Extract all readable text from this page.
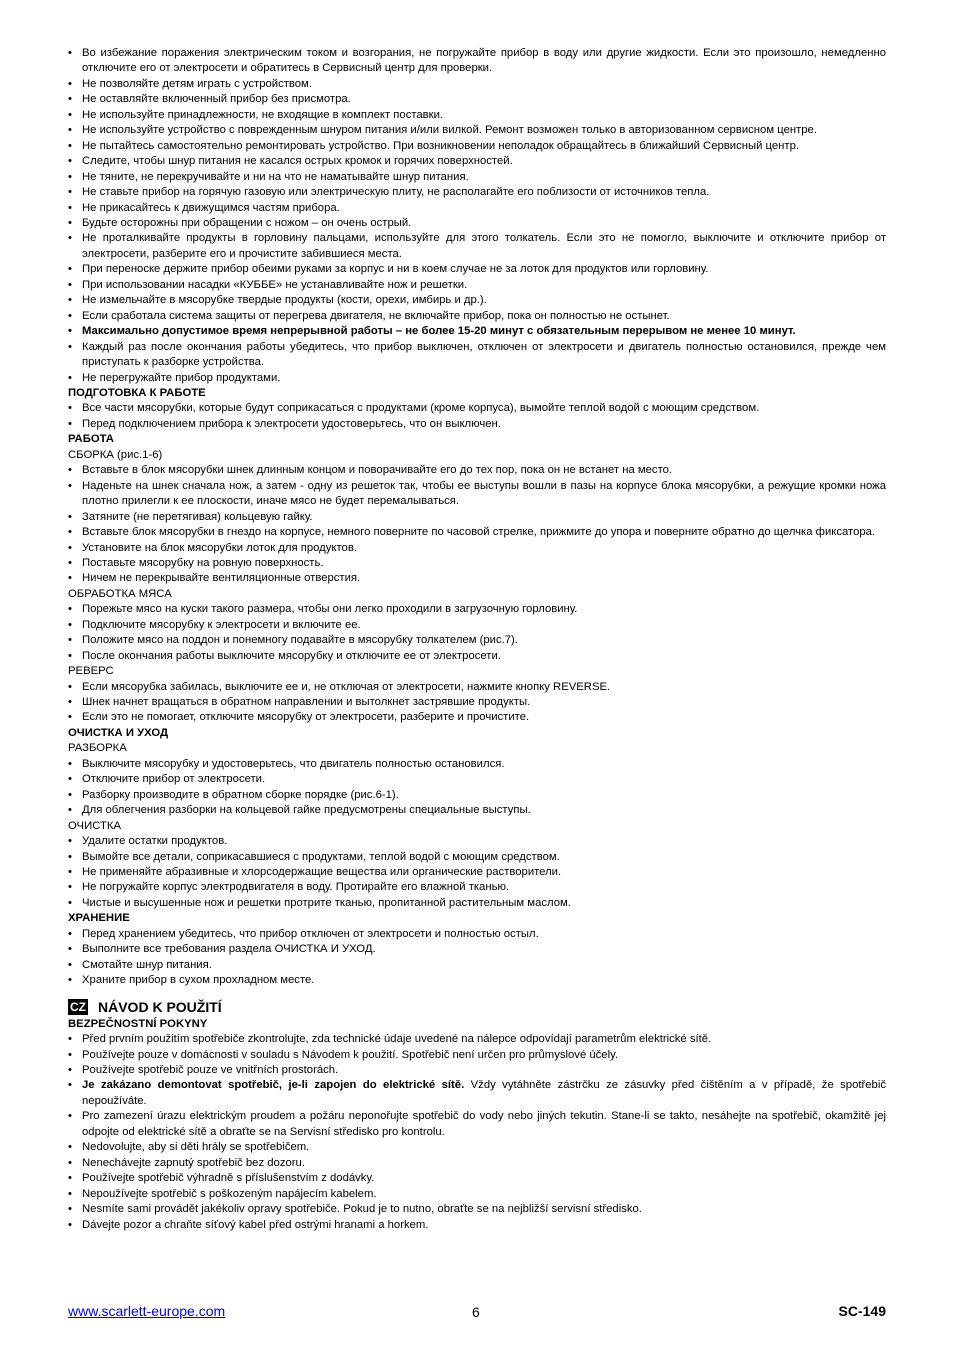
• Во избежание поражения электрическим током и возгорания, не погружайте прибор в воду или другие жидкости. Если это произошло, немедленно отключите его от электросети и обратитесь в Сервисный центр для проверки.
• Не позволяйте детям играть с устройством.
• Не оставляйте включенный прибор без присмотра.
• Не используйте принадлежности, не входящие в комплект поставки.
• Не используйте устройство с поврежденным шнуром питания и/или вилкой. Ремонт возможен только в авторизованном сервисном центре.
• Не пытайтесь самостоятельно ремонтировать устройство. При возникновении неполадок обращайтесь в ближайший Сервисный центр.
• Следите, чтобы шнур питания не касался острых кромок и горячих поверхностей.
• Не тяните, не перекручивайте и ни на что не наматывайте шнур питания.
• Не ставьте прибор на горячую газовую или электрическую плиту, не располагайте его поблизости от источников тепла.
• Не прикасайтесь к движущимся частям прибора.
• Будьте осторожны при обращении с ножом – он очень острый.
• Не проталкивайте продукты в горловину пальцами, используйте для этого толкатель. Если это не помогло, выключите и отключите прибор от электросети, разберите его и прочистите забившиеся места.
• При переноске держите прибор обеими руками за корпус и ни в коем случае не за лоток для продуктов или горловину.
• При использовании насадки «КУББЕ» не устанавливайте нож и решетки.
• Не измельчайте в мясорубке твердые продукты (кости, орехи, имбирь и др.).
• Если сработала система защиты от перегрева двигателя, не включайте прибор, пока он полностью не остынет.
• Максимально допустимое время непрерывной работы – не более 15-20 минут с обязательным перерывом не менее 10 минут.
• Каждый раз после окончания работы убедитесь, что прибор выключен, отключен от электросети и двигатель полностью остановился, прежде чем приступать к разборке устройства.
• Не перегружайте прибор продуктами.
ПОДГОТОВКА К РАБОТЕ
• Все части мясорубки, которые будут соприкасаться с продуктами (кроме корпуса), вымойте теплой водой с моющим средством.
• Перед подключением прибора к электросети удостоверьтесь, что он выключен.
РАБОТА
СБОРКА (рис.1-6)
• Вставьте в блок мясорубки шнек длинным концом и поворачивайте его до тех пор, пока он не встанет на место.
• Наденьте на шнек сначала нож, а затем - одну из решеток так, чтобы ее выступы вошли в пазы на корпусе блока мясорубки, а режущие кромки ножа плотно прилегли к ее плоскости, иначе мясо не будет перемалываться.
• Затяните (не перетягивая) кольцевую гайку.
• Вставьте блок мясорубки в гнездо на корпусе, немного поверните по часовой стрелке, прижмите до упора и поверните обратно до щелчка фиксатора.
• Установите на блок мясорубки лоток для продуктов.
• Поставьте мясорубку на ровную поверхность.
• Ничем не перекрывайте вентиляционные отверстия.
ОБРАБОТКА МЯСА
• Порежьте мясо на куски такого размера, чтобы они легко проходили в загрузочную горловину.
• Подключите мясорубку к электросети и включите ее.
• Положите мясо на поддон и понемногу подавайте в мясорубку толкателем (рис.7).
• После окончания работы выключите мясорубку и отключите ее от электросети.
РЕВЕРС
• Если мясорубка забилась, выключите ее и, не отключая от электросети, нажмите кнопку REVERSE.
• Шнек начнет вращаться в обратном направлении и вытолкнет застрявшие продукты.
• Если это не помогает, отключите мясорубку от электросети, разберите и прочистите.
ОЧИСТКА И УХОД
РАЗБОРКА
• Выключите мясорубку и удостоверьтесь, что двигатель полностью остановился.
• Отключите прибор от электросети.
• Разборку производите в обратном сборке порядке (рис.6-1).
• Для облегчения разборки на кольцевой гайке предусмотрены специальные выступы.
ОЧИСТКА
• Удалите остатки продуктов.
• Вымойте все детали, соприкасавшиеся с продуктами, теплой водой с моющим средством.
• Не применяйте абразивные и хлорсодержащие вещества или органические растворители.
• Не погружайте корпус электродвигателя в воду. Протирайте его влажной тканью.
• Чистые и высушенные нож и решетки протрите тканью, пропитанной растительным маслом.
ХРАНЕНИЕ
• Перед хранением убедитесь, что прибор отключен от электросети и полностью остыл.
• Выполните все требования раздела ОЧИСТКА И УХОД.
• Смотайте шнур питания.
• Храните прибор в сухом прохладном месте.
CZ NÁVOD K POUŽITÍ
BEZPEČNOSTNÍ POKYNY
• Před prvním použitím spotřebiče zkontrolujte, zda technické údaje uvedené na nálepce odpovídají parametrům elektrické sítě.
• Používejte pouze v domácnosti v souladu s Návodem k použití. Spotřebič není určen pro průmyslové účely.
• Používejte spotřebič pouze ve vnitřních prostorách.
• Je zakázano demontovat spotřebič, je-li zapojen do elektrické sítě. Vždy vytáhněte zástrčku ze zásuvky před čištěním a v případě, že spotřebič nepoužíváte.
• Pro zamezení úrazu elektrickým proudem a požáru neponořujte spotřebič do vody nebo jiných tekutin. Stane-li se takto, nesáhejte na spotřebič, okamžitě jej odpojte od elektrické sítě a obraťte se na Servisní středisko pro kontrolu.
• Nedovolujte, aby si děti hrály se spotřebičem.
• Nenechávejte zapnutý spotřebič bez dozoru.
• Používejte spotřebič výhradně s příslušenstvím z dodávky.
• Nepoužívejte spotřebič s poškozeným napájecím kabelem.
• Nesmíte sami provádět jakékoliv opravy spotřebiče. Pokud je to nutno, obraťte se na nejbližší servisní středisko.
• Dávejte pozor a chraňte síťový kabel před ostrými hranami a horkem.
www.scarlett-europe.com	6	SC-149
